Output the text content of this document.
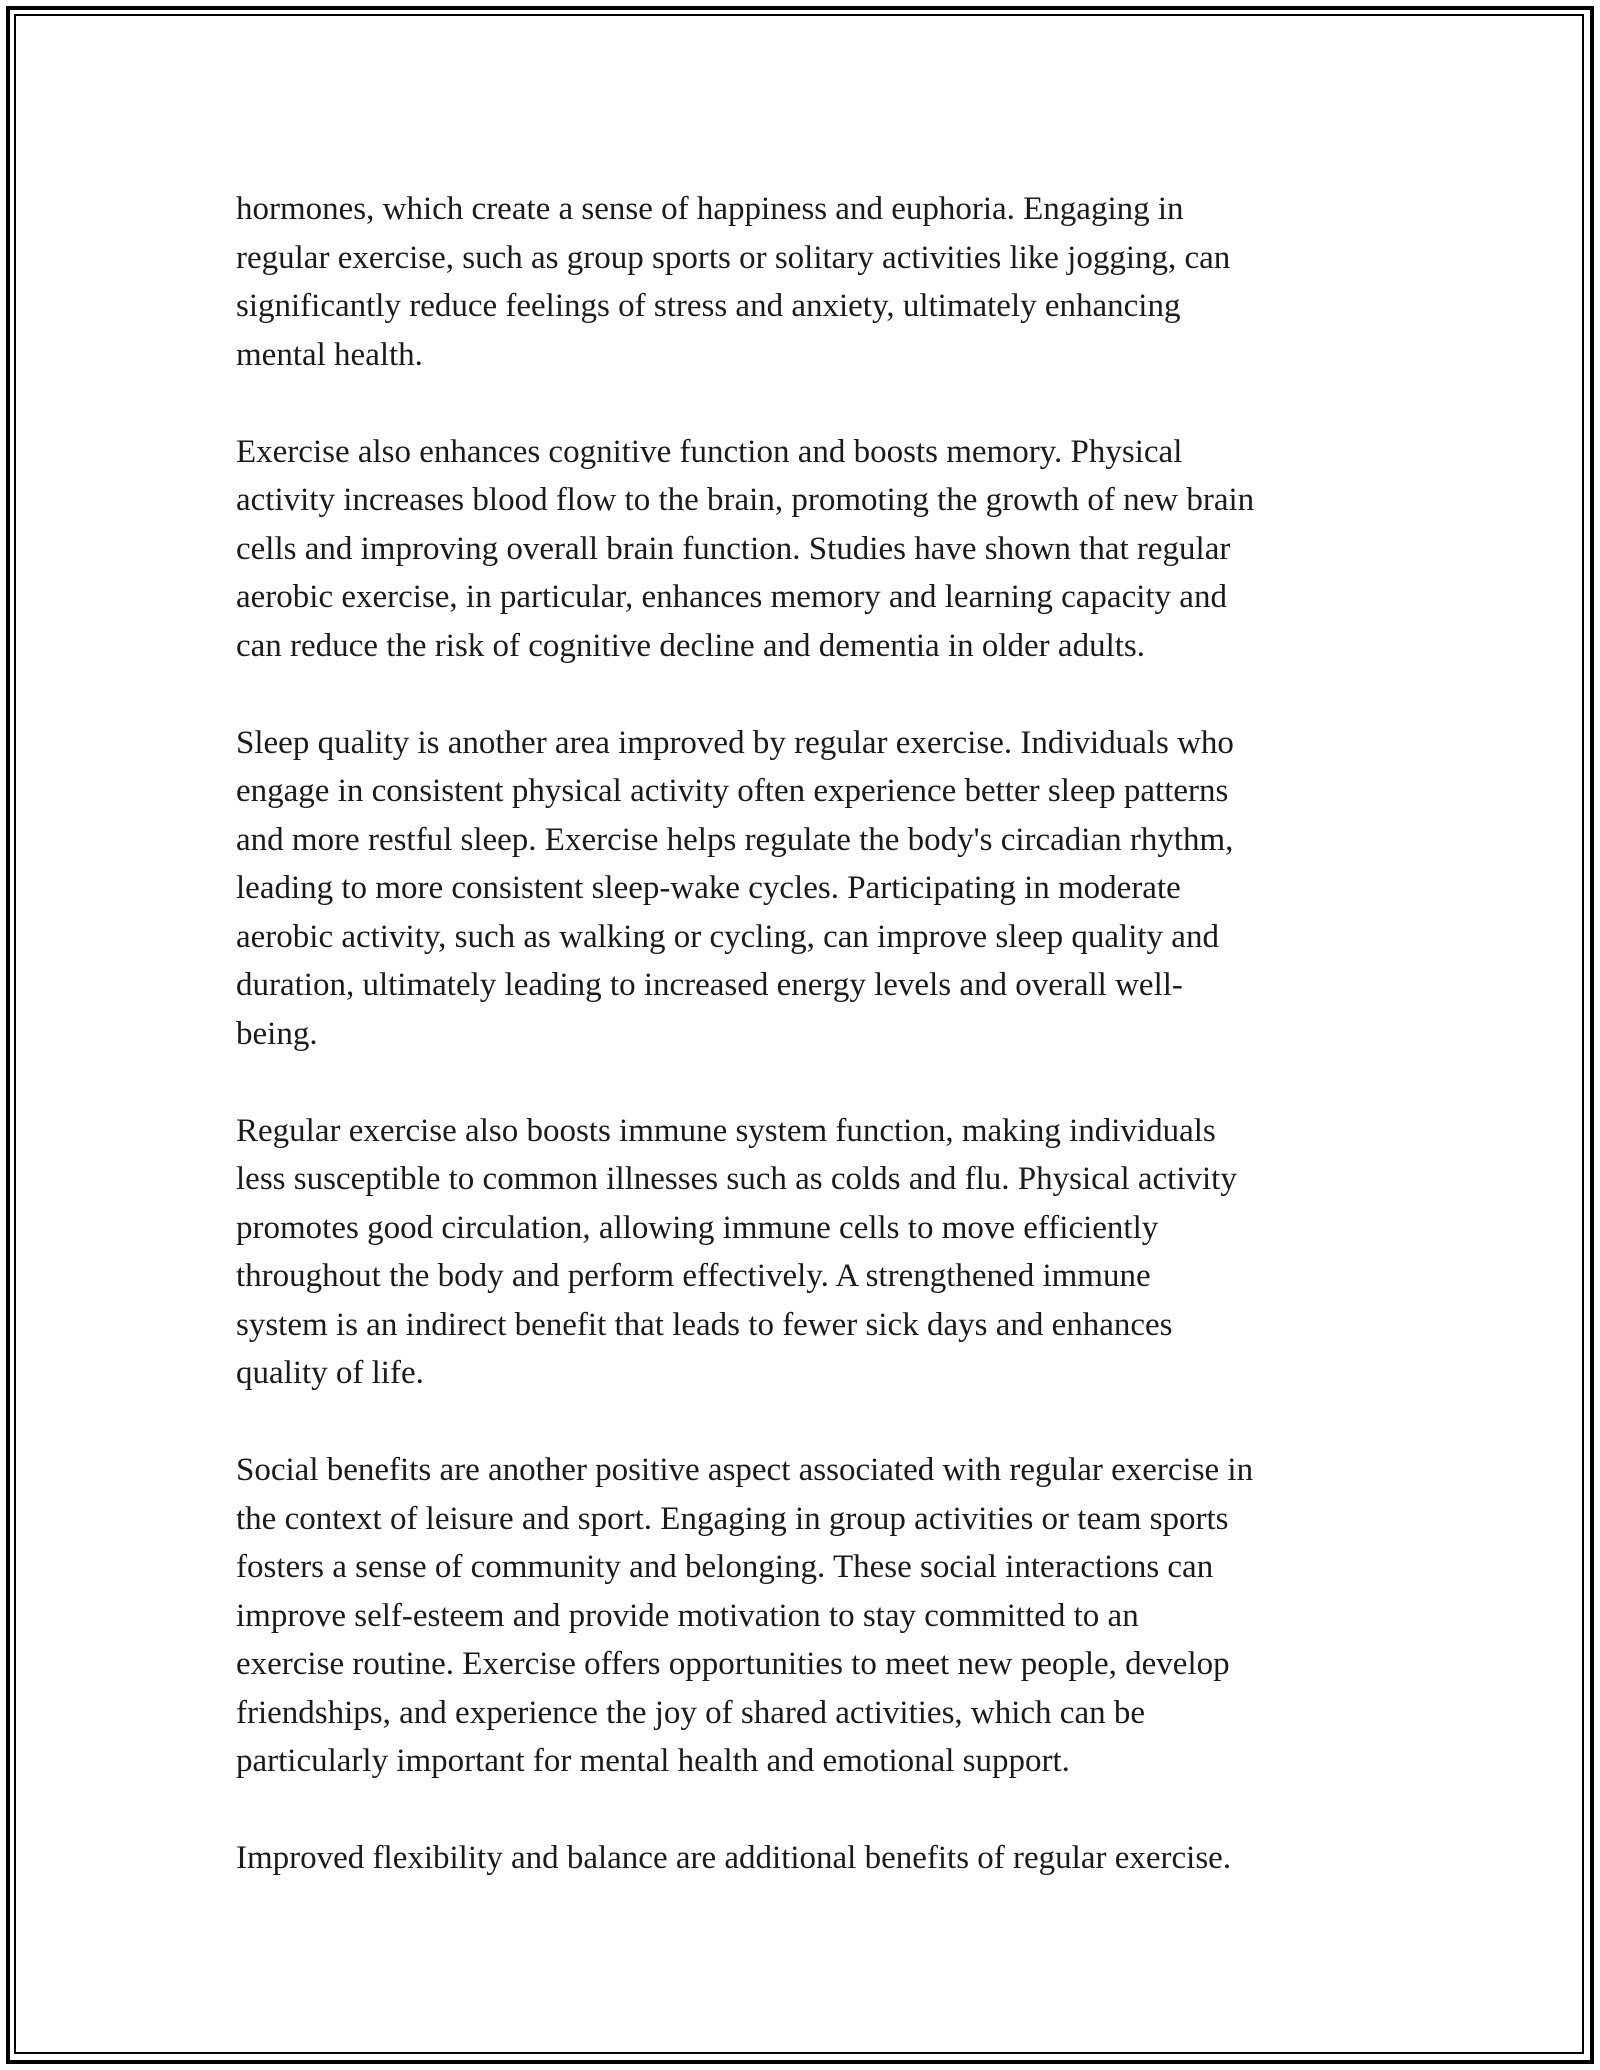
hormones, which create a sense of happiness and euphoria. Engaging in
regular exercise, such as group sports or solitary activities like jogging, can
significantly reduce feelings of stress and anxiety, ultimately enhancing
mental health.

Exercise also enhances cognitive function and boosts memory. Physical
activity increases blood flow to the brain, promoting the growth of new brain
cells and improving overall brain function. Studies have shown that regular
aerobic exercise, in particular, enhances memory and learning capacity and
can reduce the risk of cognitive decline and dementia in older adults.

Sleep quality is another area improved by regular exercise. Individuals who
engage in consistent physical activity often experience better sleep patterns
and more restful sleep. Exercise helps regulate the body's circadian rhythm,
leading to more consistent sleep-wake cycles. Participating in moderate
aerobic activity, such as walking or cycling, can improve sleep quality and
duration, ultimately leading to increased energy levels and overall well-
being.

Regular exercise also boosts immune system function, making individuals
less susceptible to common illnesses such as colds and flu. Physical activity
promotes good circulation, allowing immune cells to move efficiently
throughout the body and perform effectively. A strengthened immune
system is an indirect benefit that leads to fewer sick days and enhances
quality of life.

Social benefits are another positive aspect associated with regular exercise in
the context of leisure and sport. Engaging in group activities or team sports
fosters a sense of community and belonging. These social interactions can
improve self-esteem and provide motivation to stay committed to an
exercise routine. Exercise offers opportunities to meet new people, develop
friendships, and experience the joy of shared activities, which can be
particularly important for mental health and emotional support.

Improved flexibility and balance are additional benefits of regular exercise.
